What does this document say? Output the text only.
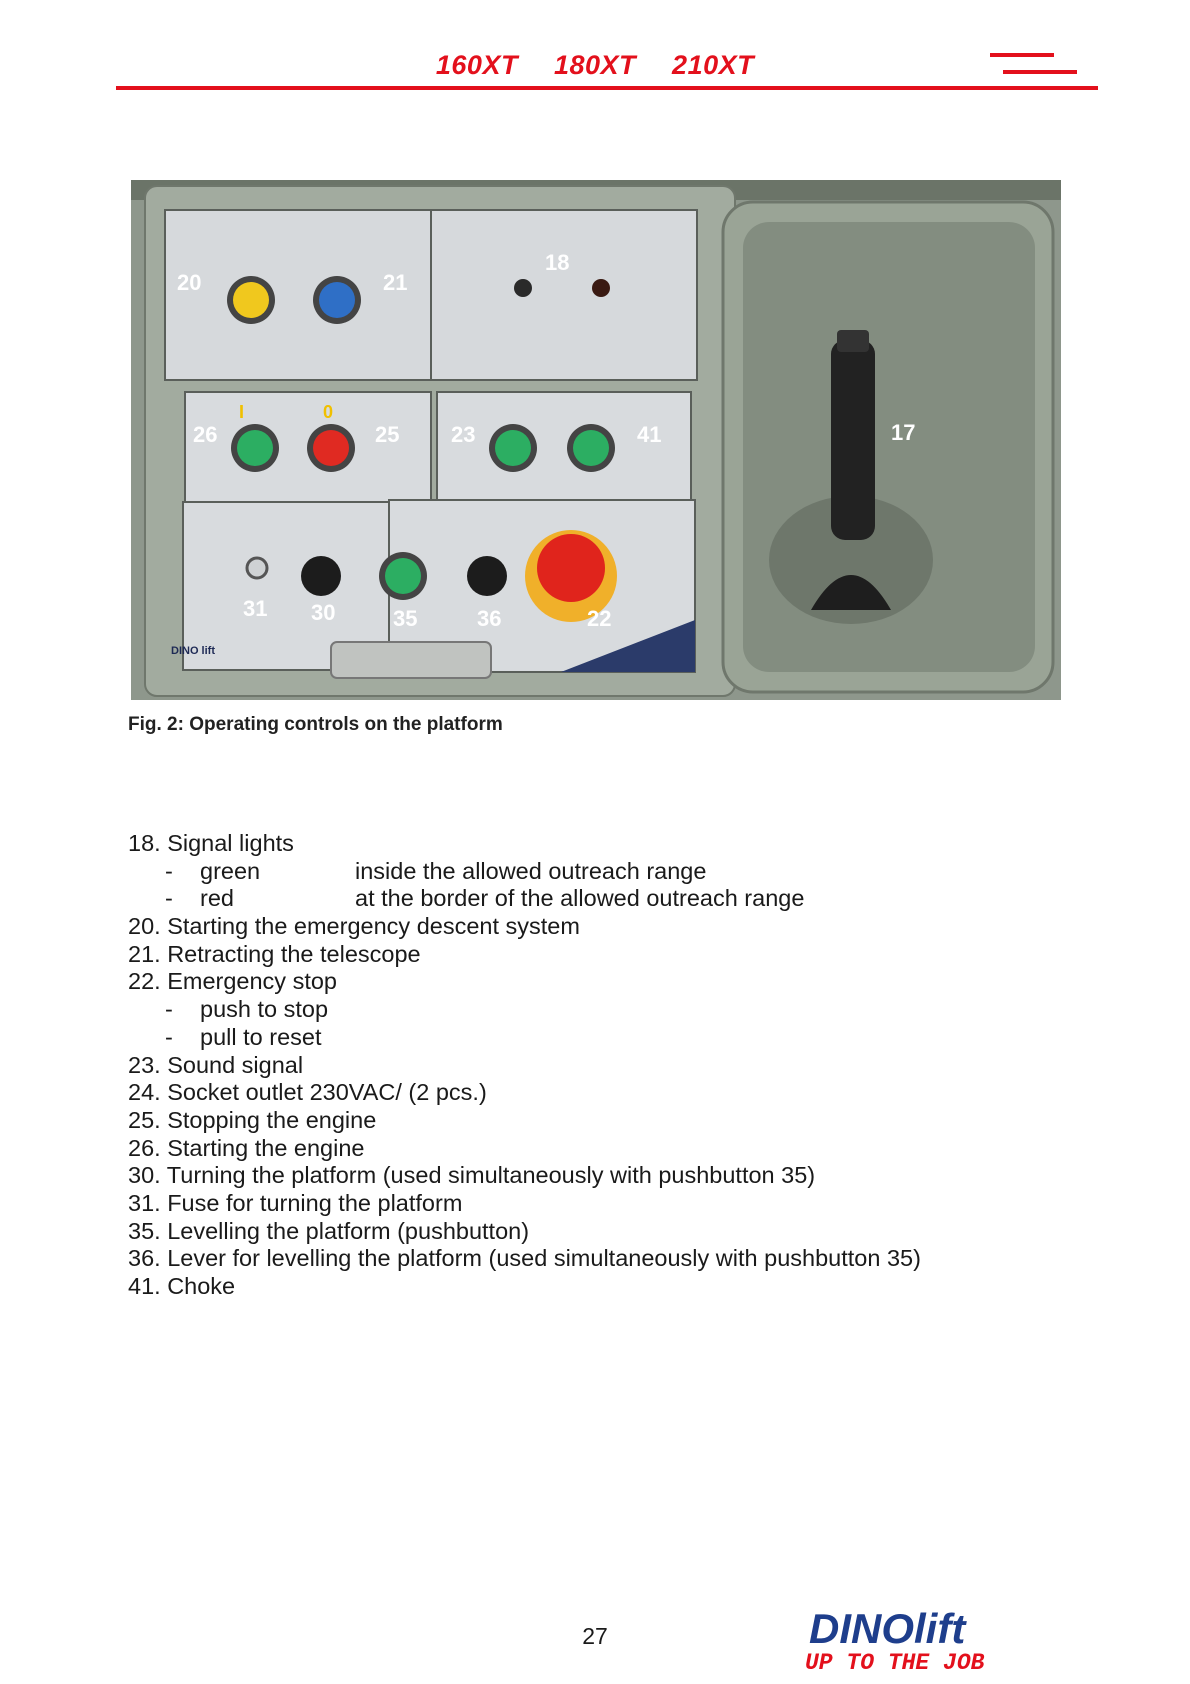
160XT 180XT 210XT
20	21
18
26	25 23	41	17
31 30	35	36	22
I	0
DINO lift
Fig. 2: Operating controls on the platform
18. Signal lights
- green	inside the allowed outreach range
- red	at the border of the allowed outreach range
20. Starting the emergency descent system
21. Retracting the telescope
22. Emergency stop
- push to stop
- pull to reset
23. Sound signal
24. Socket outlet 230VAC/ (2 pcs.)
25. Stopping the engine
26. Starting the engine
30. Turning the platform (used simultaneously with pushbutton 35)
31. Fuse for turning the platform
35. Levelling the platform (pushbutton)
36. Lever for levelling the platform (used simultaneously with pushbutton 35)
41. Choke
27	DINOlift
UP TO THE JOB
